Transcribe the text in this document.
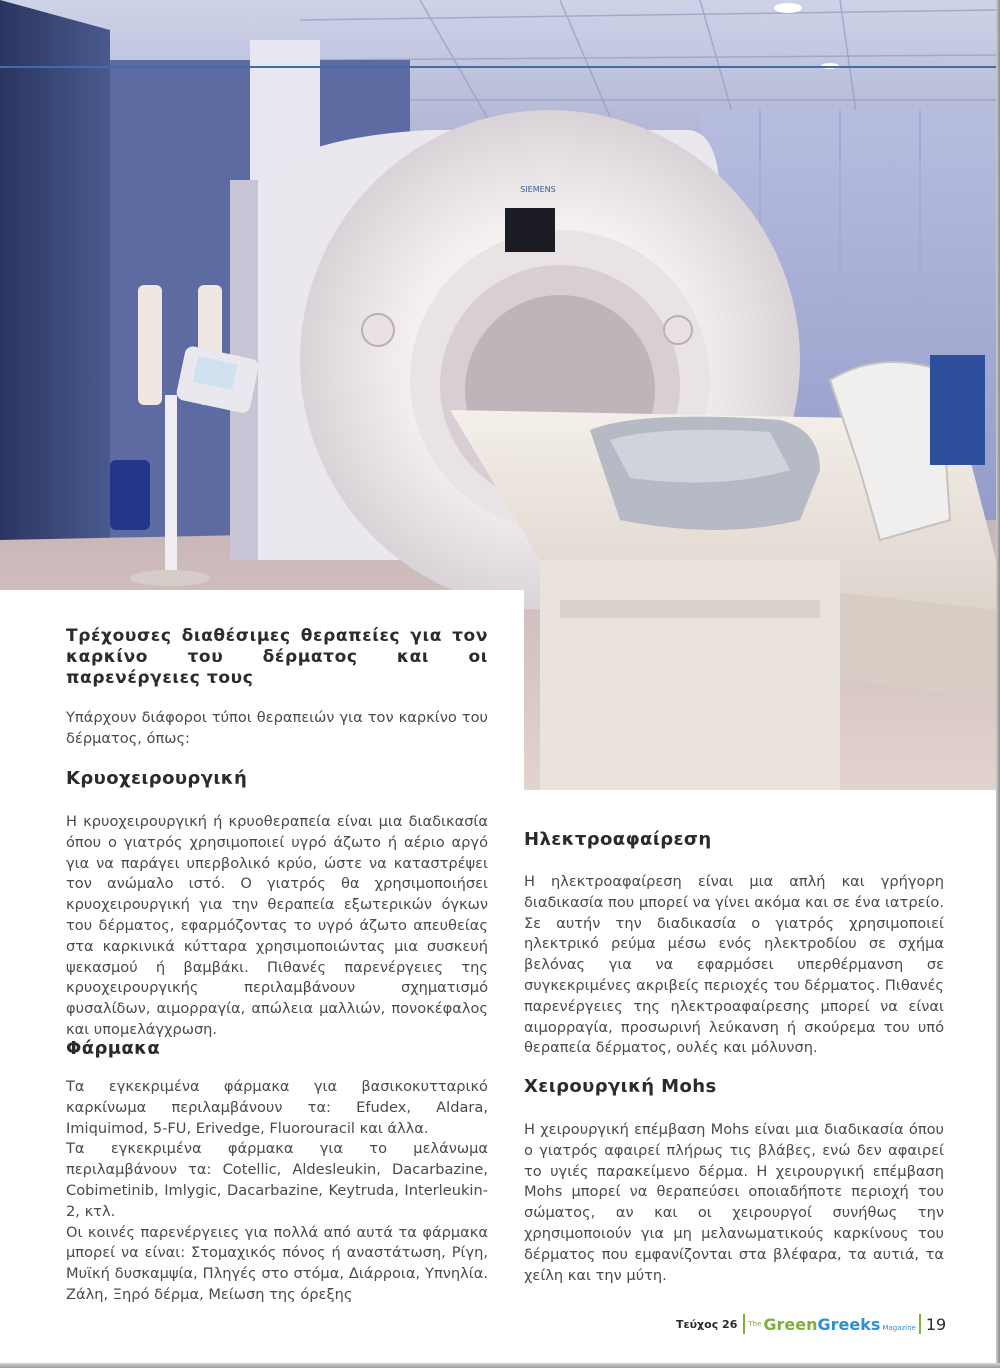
SIEMENS
Τρέχουσες διαθέσιμες θεραπείες για τον καρκίνο του δέρματος και οι παρενέργειες τους

Υπάρχουν διάφοροι τύποι θεραπειών για τον καρκίνο του δέρματος, όπως:

Κρυοχειρουργική

Η κρυοχειρουργική ή κρυοθεραπεία είναι μια διαδικασία όπου ο γιατρός χρησιμοποιεί υγρό άζωτο ή αέριο αργό για να παράγει υπερβολικό κρύο, ώστε να καταστρέψει τον ανώμαλο ιστό. Ο γιατρός θα χρησιμοποιήσει κρυοχειρουργική για την θεραπεία εξωτερικών όγκων του δέρματος, εφαρμόζοντας το υγρό άζωτο απευθείας στα καρκινικά κύτταρα χρησιμοποιώντας μια συσκευή ψεκασμού ή βαμβάκι. Πιθανές παρενέργειες της κρυοχειρουργικής περιλαμβάνουν σχηματισμό φυσαλίδων, αιμορραγία, απώλεια μαλλιών, πονοκέφαλος και υπομελάγχρωση.

Φάρμακα

Τα εγκεκριμένα φάρμακα για βασικοκυτταρικό καρκίνωμα περιλαμβάνουν τα: Efudex, Aldara, Imiquimod, 5-FU, Erivedge, Fluorouracil και άλλα.

Τα εγκεκριμένα φάρμακα για το μελάνωμα περιλαμβάνουν τα: Cotellic, Aldesleukin, Dacarbazine, Cobimetinib, Imlygic, Dacarbazine, Keytruda, Interleukin-2, κτλ.

Οι κοινές παρενέργειες για πολλά από αυτά τα φάρμακα μπορεί να είναι: Στομαχικός πόνος ή αναστάτωση, Ρίγη, Μυϊκή δυσκαμψία, Πληγές στο στόμα, Διάρροια, Υπνηλία. Ζάλη, Ξηρό δέρμα, Μείωση της όρεξης

Ηλεκτροαφαίρεση

Η ηλεκτροαφαίρεση είναι μια απλή και γρήγορη διαδικασία που μπορεί να γίνει ακόμα και σε ένα ιατρείο. Σε αυτήν την διαδικασία ο γιατρός χρησιμοποιεί ηλεκτρικό ρεύμα μέσω ενός ηλεκτροδίου σε σχήμα βελόνας για να εφαρμόσει υπερθέρμανση σε συγκεκριμένες ακριβείς περιοχές του δέρματος. Πιθανές παρενέργειες της ηλεκτροαφαίρεσης μπορεί να είναι αιμορραγία, προσωρινή λεύκανση ή σκούρεμα του υπό θεραπεία δέρματος, ουλές και μόλυνση.

Χειρουργική Mohs

Η χειρουργική επέμβαση Mohs είναι μια διαδικασία όπου ο γιατρός αφαιρεί πλήρως τις βλάβες, ενώ δεν αφαιρεί το υγιές παρακείμενο δέρμα. Η χειρουργική επέμβαση Mohs μπορεί να θεραπεύσει οποιαδήποτε περιοχή του σώματος, αν και οι χειρουργοί συνήθως την χρησιμοποιούν για μη μελανωματικούς καρκίνους του δέρματος που εμφανίζονται στα βλέφαρα, τα αυτιά, τα χείλη και την μύτη.

Τεύχος 26 The Green Greeks Magazine 19
